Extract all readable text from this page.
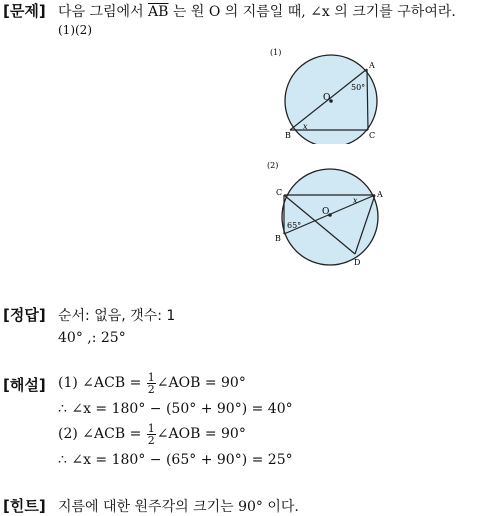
[문제] 다음 그림에서 $\overline{AB}$ 는 원 O 의 지름일 때, ∠x 의 크기를 구하여라.
(1)(2)
(1)
O
A
B	C
50°
x
(2)
O
A
B
C
D
65°
x
[정답] 순서: 없음, 갯수: 1
40° ,: 25°
[해설] (1) ∠ACB = $\frac{1}{2}$ ∠AOB = 90°
∴ ∠x = 180° − (50° + 90°) = 40°
(2) ∠ACB = $\frac{1}{2}$ ∠AOB = 90°
∴ ∠x = 180° − (65° + 90°) = 25°
[힌트] 지름에 대한 원주각의 크기는 90° 이다.
